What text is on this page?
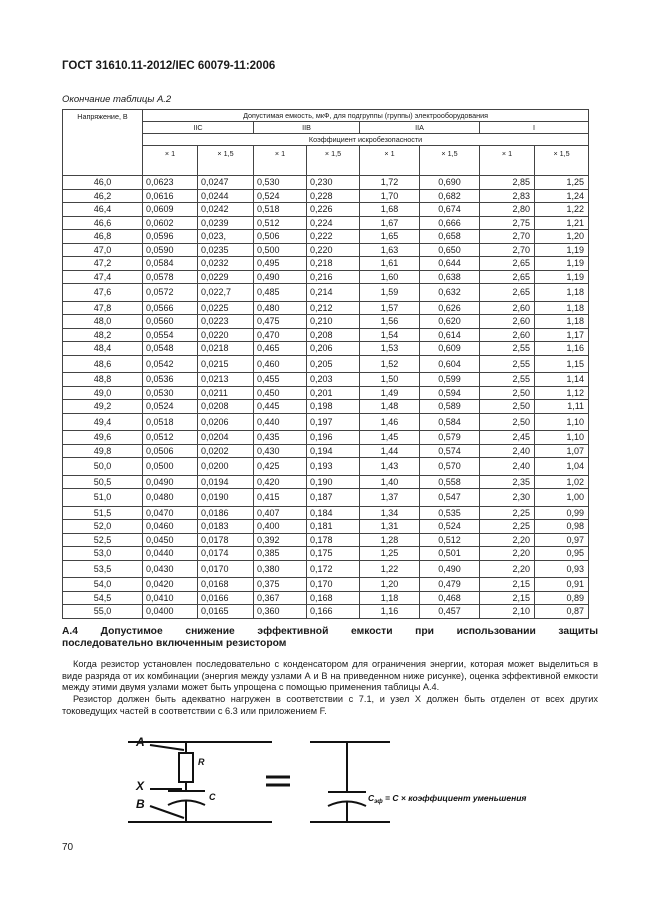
ГОСТ 31610.11-2012/IEC 60079-11:2006
Окончание таблицы А.2
Напряжение, В	Допустимая емкость, мкФ, для подгруппы (группы) электрооборудования							
	IIC		IIB		IIA		I	
	Коэффициент искробезопасности							
	× 1	× 1,5	× 1	× 1,5	× 1	× 1,5	× 1	× 1,5
46,0	0,0623	0,0247	0,530	0,230	1,72	0,690	2,85	1,25
46,2	0,0616	0,0244	0,524	0,228	1,70	0,682	2,83	1,24
46,4	0,0609	0,0242	0,518	0,226	1,68	0,674	2,80	1,22
46,6	0,0602	0,0239	0,512	0,224	1,67	0,666	2,75	1,21
46,8	0,0596	0,023,	0,506	0,222	1,65	0,658	2,70	1,20
47,0	0,0590	0,0235	0,500	0,220	1,63	0,650	2,70	1,19
47,2	0,0584	0,0232	0,495	0,218	1,61	0,644	2,65	1,19
47,4	0,0578	0,0229	0,490	0,216	1,60	0,638	2,65	1,19
47,6	0,0572	0,022,7	0,485	0,214	1,59	0,632	2,65	1,18
47,8	0,0566	0,0225	0,480	0,212	1,57	0,626	2,60	1,18
48,0	0,0560	0,0223	0,475	0,210	1,56	0,620	2,60	1,18
48,2	0,0554	0,0220	0,470	0,208	1,54	0,614	2,60	1,17
48,4	0,0548	0,0218	0,465	0,206	1,53	0,609	2,55	1,16
48,6	0,0542	0,0215	0,460	0,205	1,52	0,604	2,55	1,15
48,8	0,0536	0,0213	0,455	0,203	1,50	0,599	2,55	1,14
49,0	0,0530	0,0211	0,450	0,201	1,49	0,594	2,50	1,12
49,2	0,0524	0,0208	0,445	0,198	1,48	0,589	2,50	1,11
49,4	0,0518	0,0206	0,440	0,197	1,46	0,584	2,50	1,10
49,6	0,0512	0,0204	0,435	0,196	1,45	0,579	2,45	1,10
49,8	0,0506	0,0202	0,430	0,194	1,44	0,574	2,40	1,07
50,0	0,0500	0,0200	0,425	0,193	1,43	0,570	2,40	1,04
50,5	0,0490	0,0194	0,420	0,190	1,40	0,558	2,35	1,02
51,0	0,0480	0,0190	0,415	0,187	1,37	0,547	2,30	1,00
51,5	0,0470	0,0186	0,407	0,184	1,34	0,535	2,25	0,99
52,0	0,0460	0,0183	0,400	0,181	1,31	0,524	2,25	0,98
52,5	0,0450	0,0178	0,392	0,178	1,28	0,512	2,20	0,97
53,0	0,0440	0,0174	0,385	0,175	1,25	0,501	2,20	0,95
53,5	0,0430	0,0170	0,380	0,172	1,22	0,490	2,20	0,93
54,0	0,0420	0,0168	0,375	0,170	1,20	0,479	2,15	0,91
54,5	0,0410	0,0166	0,367	0,168	1,18	0,468	2,15	0,89
55,0	0,0400	0,0165	0,360	0,166	1,16	0,457	2,10	0,87
А.4 Допустимое снижение эффективной емкости при использовании защиты
последовательно включенным резистором
Когда резистор установлен последовательно с конденсатором для ограничения энергии, которая может выделиться в виде разряда от их комбинации (энергия между узлами А и В на приведенном ниже рисунке), оценка эффективной емкости между этими двумя узлами может быть упрощена с помощью применения таблицы А.4.
Резистор должен быть адекватно нагружен в соответствии с 7.1, и узел X должен быть отделен от всех других токоведущих частей в соответствии с 6.3 или приложением F.
A
X
B
R
C	$C_{эф} = C$ × коэффициент уменьшения
70
